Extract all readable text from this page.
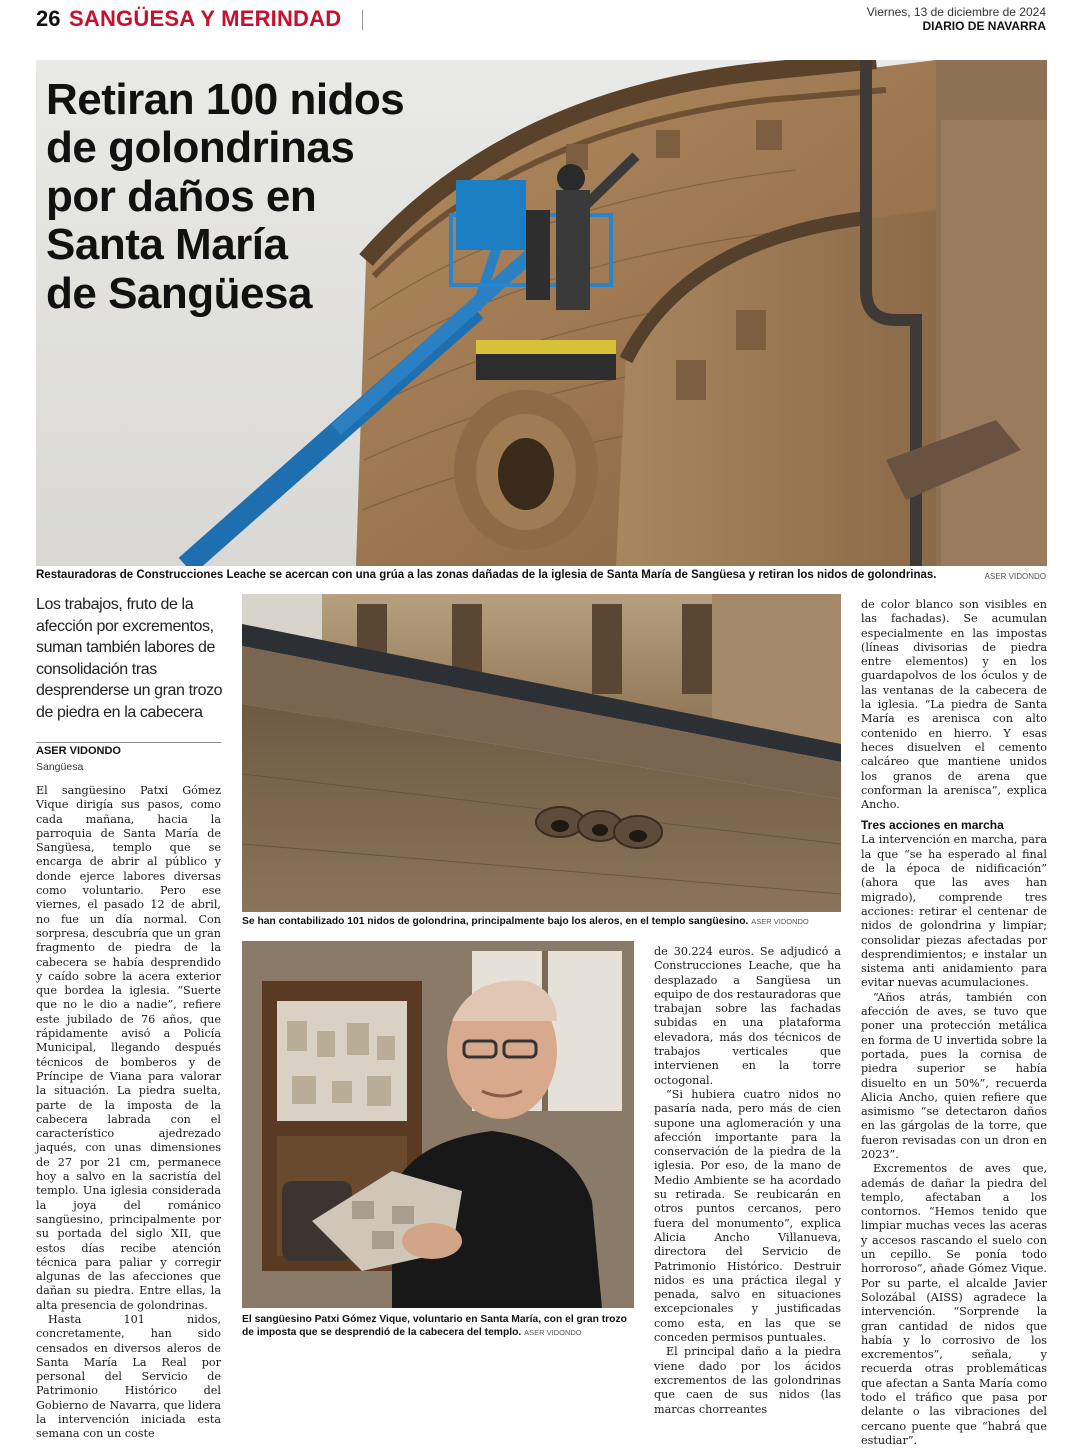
26 SANGÜESA Y MERINDAD	Viernes, 13 de diciembre de 2024
DIARIO DE NAVARRA
Retiran 100 nidos
de golondrinas
por daños en
Santa María
de Sangüesa
Restauradoras de Construcciones Leache se acercan con una grúa a las zonas dañadas de la iglesia de Santa María de Sangüesa y retiran los nidos de golondrinas.	ASER VIDONDO
Los trabajos, fruto de la afección por excrementos, suman también labores de consolidación tras desprenderse un gran trozo de piedra en la cabecera
ASER VIDONDO
Sangüesa

El sangüesino Patxi Gómez Vique dirigía sus pasos, como cada mañana, hacia la parroquia de Santa María de Sangüesa, templo que se encarga de abrir al público y donde ejerce labores diversas como voluntario. Pero ese viernes, el pasado 12 de abril, no fue un día normal. Con sorpresa, descubría que un gran fragmento de piedra de la cabecera se había desprendido y caído sobre la acera exterior que bordea la iglesia. “Suerte que no le dio a nadie”, refiere este jubilado de 76 años, que rápidamente avisó a Policía Municipal, llegando después técnicos de bomberos y de Príncipe de Viana para valorar la situación. La piedra suelta, parte de la imposta de la cabecera labrada con el característico ajedrezado jaqués, con unas dimensiones de 27 por 21 cm, permanece hoy a salvo en la sacristía del templo. Una iglesia considerada la joya del románico sangüesino, principalmente por su portada del siglo XII, que estos días recibe atención técnica para paliar y corregir algunas de las afecciones que dañan su piedra. Entre ellas, la alta presencia de golondrinas.

Hasta 101 nidos, concretamente, han sido censados en diversos aleros de Santa María La Real por personal del Servicio de Patrimonio Histórico del Gobierno de Navarra, que lidera la intervención iniciada esta semana con un coste

Se han contabilizado 101 nidos de golondrina, principalmente bajo los aleros, en el templo sangüesino. ASER VIDONDO
El sangüesino Patxi Gómez Vique, voluntario en Santa María, con el gran trozo de imposta que se desprendió de la cabecera del templo. ASER VIDONDO

de 30.224 euros. Se adjudicó a Construcciones Leache, que ha desplazado a Sangüesa un equipo de dos restauradoras que trabajan sobre las fachadas subidas en una plataforma elevadora, más dos técnicos de trabajos verticales que intervienen en la torre octogonal.

“Si hubiera cuatro nidos no pasaría nada, pero más de cien supone una aglomeración y una afección importante para la conservación de la piedra de la iglesia. Por eso, de la mano de Medio Ambiente se ha acordado su retirada. Se reubicarán en otros puntos cercanos, pero fuera del monumento”, explica Alicia Ancho Villanueva, directora del Servicio de Patrimonio Histórico. Destruir nidos es una práctica ilegal y penada, salvo en situaciones excepcionales y justificadas como esta, en las que se conceden permisos puntuales.

El principal daño a la piedra viene dado por los ácidos excrementos de las golondrinas que caen de sus nidos (las marcas chorreantes

de color blanco son visibles en las fachadas). Se acumulan especialmente en las impostas (líneas divisorias de piedra entre elementos) y en los guardapolvos de los óculos y de las ventanas de la cabecera de la iglesia. “La piedra de Santa María es arenisca con alto contenido en hierro. Y esas heces disuelven el cemento calcáreo que mantiene unidos los granos de arena que conforman la arenisca”, explica Ancho.

Tres acciones en marcha

La intervención en marcha, para la que “se ha esperado al final de la época de nidificación” (ahora que las aves han migrado), comprende tres acciones: retirar el centenar de nidos de golondrina y limpiar; consolidar piezas afectadas por desprendimientos; e instalar un sistema anti anidamiento para evitar nuevas acumulaciones.

“Años atrás, también con afección de aves, se tuvo que poner una protección metálica en forma de U invertida sobre la portada, pues la cornisa de piedra superior se había disuelto en un 50%”, recuerda Alicia Ancho, quien refiere que asimismo “se detectaron daños en las gárgolas de la torre, que fueron revisadas con un dron en 2023”.

Excrementos de aves que, además de dañar la piedra del templo, afectaban a los contornos. “Hemos tenido que limpiar muchas veces las aceras y accesos rascando el suelo con un cepillo. Se ponía todo horroroso”, añade Gómez Vique. Por su parte, el alcalde Javier Solozábal (AISS) agradece la intervención. “Sorprende la gran cantidad de nidos que había y lo corrosivo de los excrementos”, señala, y recuerda otras problemáticas que afectan a Santa María como todo el tráfico que pasa por delante o las vibraciones del cercano puente que “habrá que estudiar”.
